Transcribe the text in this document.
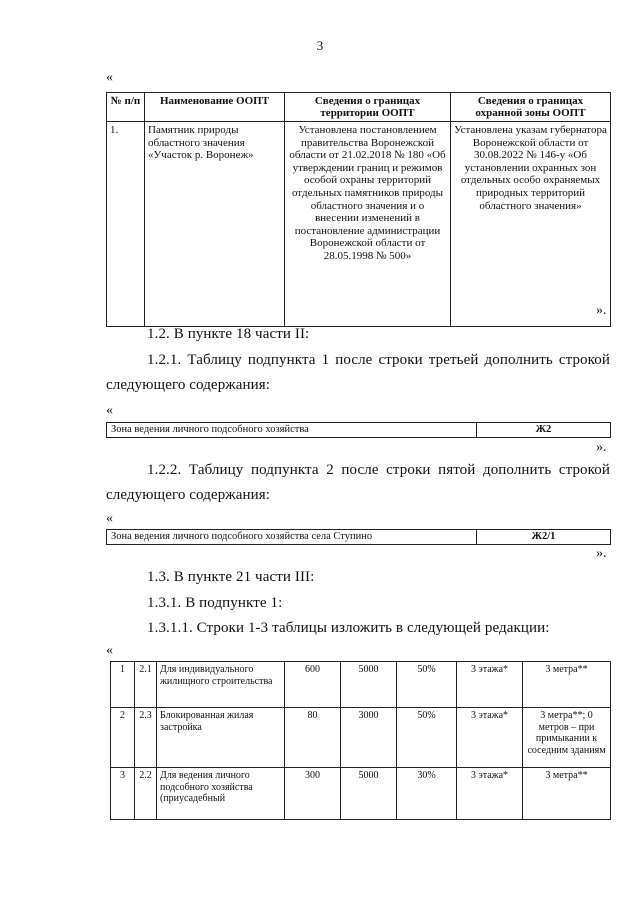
3
«
№ п/п	Наименование ООПТ	Сведения о границах территории ООПТ	Сведения о границах охранной зоны ООПТ
1.	Памятник природы областного значения «Участок р. Воронеж»	Установлена постановлением правительства Воронежской области от 21.02.2018 № 180 «Об утверждении границ и режимов особой охраны территорий отдельных памятников природы областного значения и о внесении изменений в постановление администрации Воронежской области от 28.05.1998 № 500»	Установлена указам губернатора Воронежской области от 30.08.2022 № 146-у «Об установлении охранных зон отдельных особо охраняемых природных территорий областного значения»
».
1.2. В пункте 18 части II:
1.2.1. Таблицу подпункта 1 после строки третьей дополнить строкой
следующего содержания:
«
Зона ведения личного подсобного хозяйства	Ж2
».
1.2.2. Таблицу подпункта 2 после строки пятой дополнить строкой
следующего содержания:
«
Зона ведения личного подсобного хозяйства села Ступино	Ж2/1
».
1.3. В пункте 21 части III:
1.3.1. В подпункте 1:
1.3.1.1. Строки 1-3 таблицы изложить в следующей редакции:
«
1	2.1	Для индивидуального жилищного строительства	600	5000	50%	3 этажа*	3 метра**
2	2.3	Блокированная жилая застройка	80	3000	50%	3 этажа*	3 метра**; 0 метров – при примыкании к соседним зданиям
3	2.2	Для ведения личного подсобного хозяйства (приусадебный	300	5000	30%	3 этажа*	3 метра**
